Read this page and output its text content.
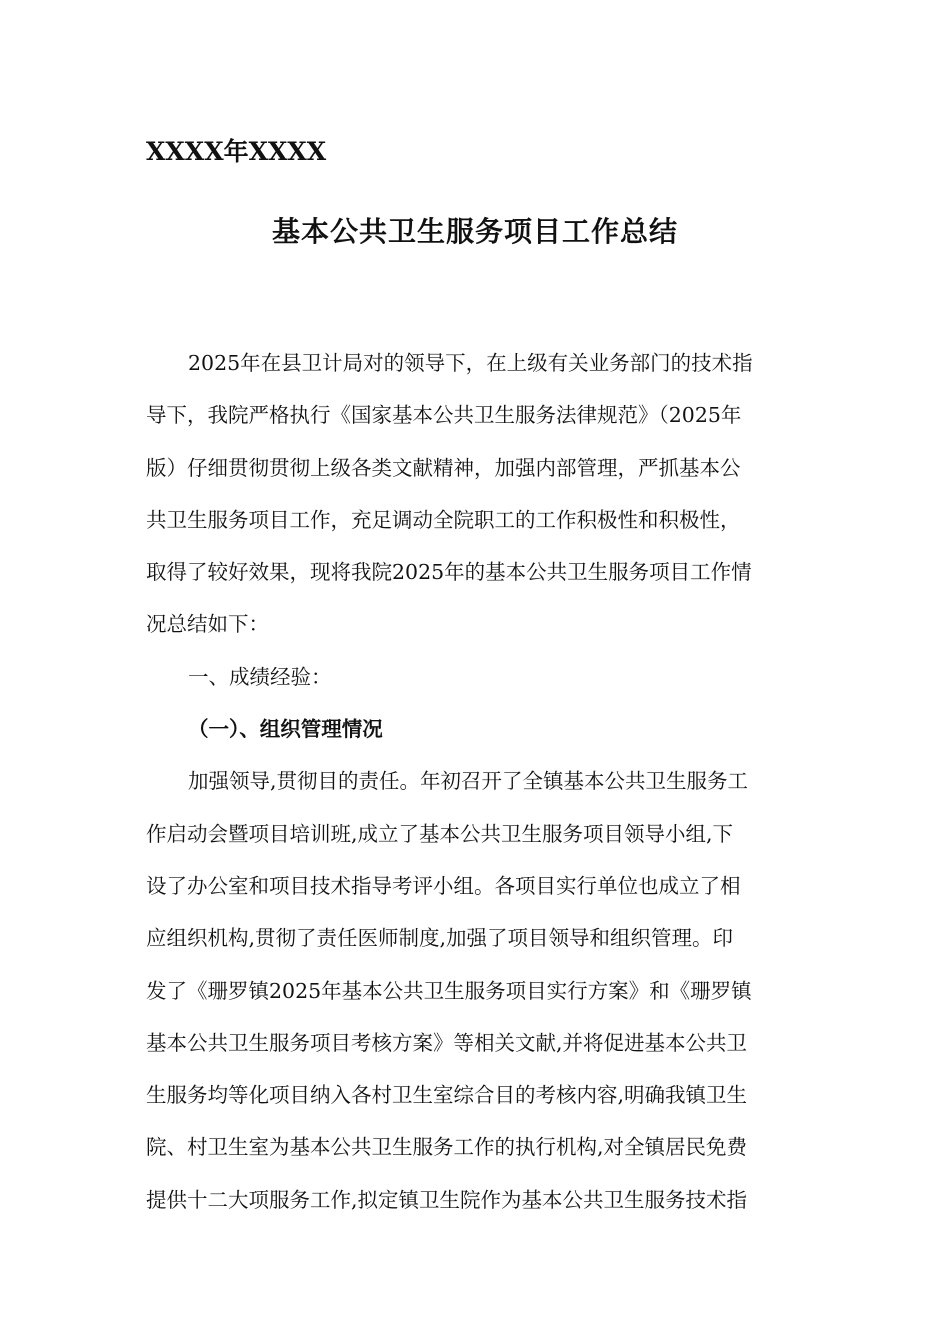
XXXX年XXXX
基本公共卫生服务项目工作总结
2025年在县卫计局对的领导下，在上级有关业务部门的技术指
导下，我院严格执行《国家基本公共卫生服务法律规范》（2025年
版）仔细贯彻贯彻上级各类文献精神，加强内部管理，严抓基本公
共卫生服务项目工作，充足调动全院职工的工作积极性和积极性，
取得了较好效果，现将我院2025年的基本公共卫生服务项目工作情
况总结如下：
一、成绩经验：
（一）、组织管理情况
加强领导,贯彻目的责任。年初召开了全镇基本公共卫生服务工
作启动会暨项目培训班,成立了基本公共卫生服务项目领导小组,下
设了办公室和项目技术指导考评小组。各项目实行单位也成立了相
应组织机构,贯彻了责任医师制度,加强了项目领导和组织管理。印
发了《珊罗镇2025年基本公共卫生服务项目实行方案》和《珊罗镇
基本公共卫生服务项目考核方案》等相关文献,并将促进基本公共卫
生服务均等化项目纳入各村卫生室综合目的考核内容,明确我镇卫生
院、村卫生室为基本公共卫生服务工作的执行机构,对全镇居民免费
提供十二大项服务工作,拟定镇卫生院作为基本公共卫生服务技术指
